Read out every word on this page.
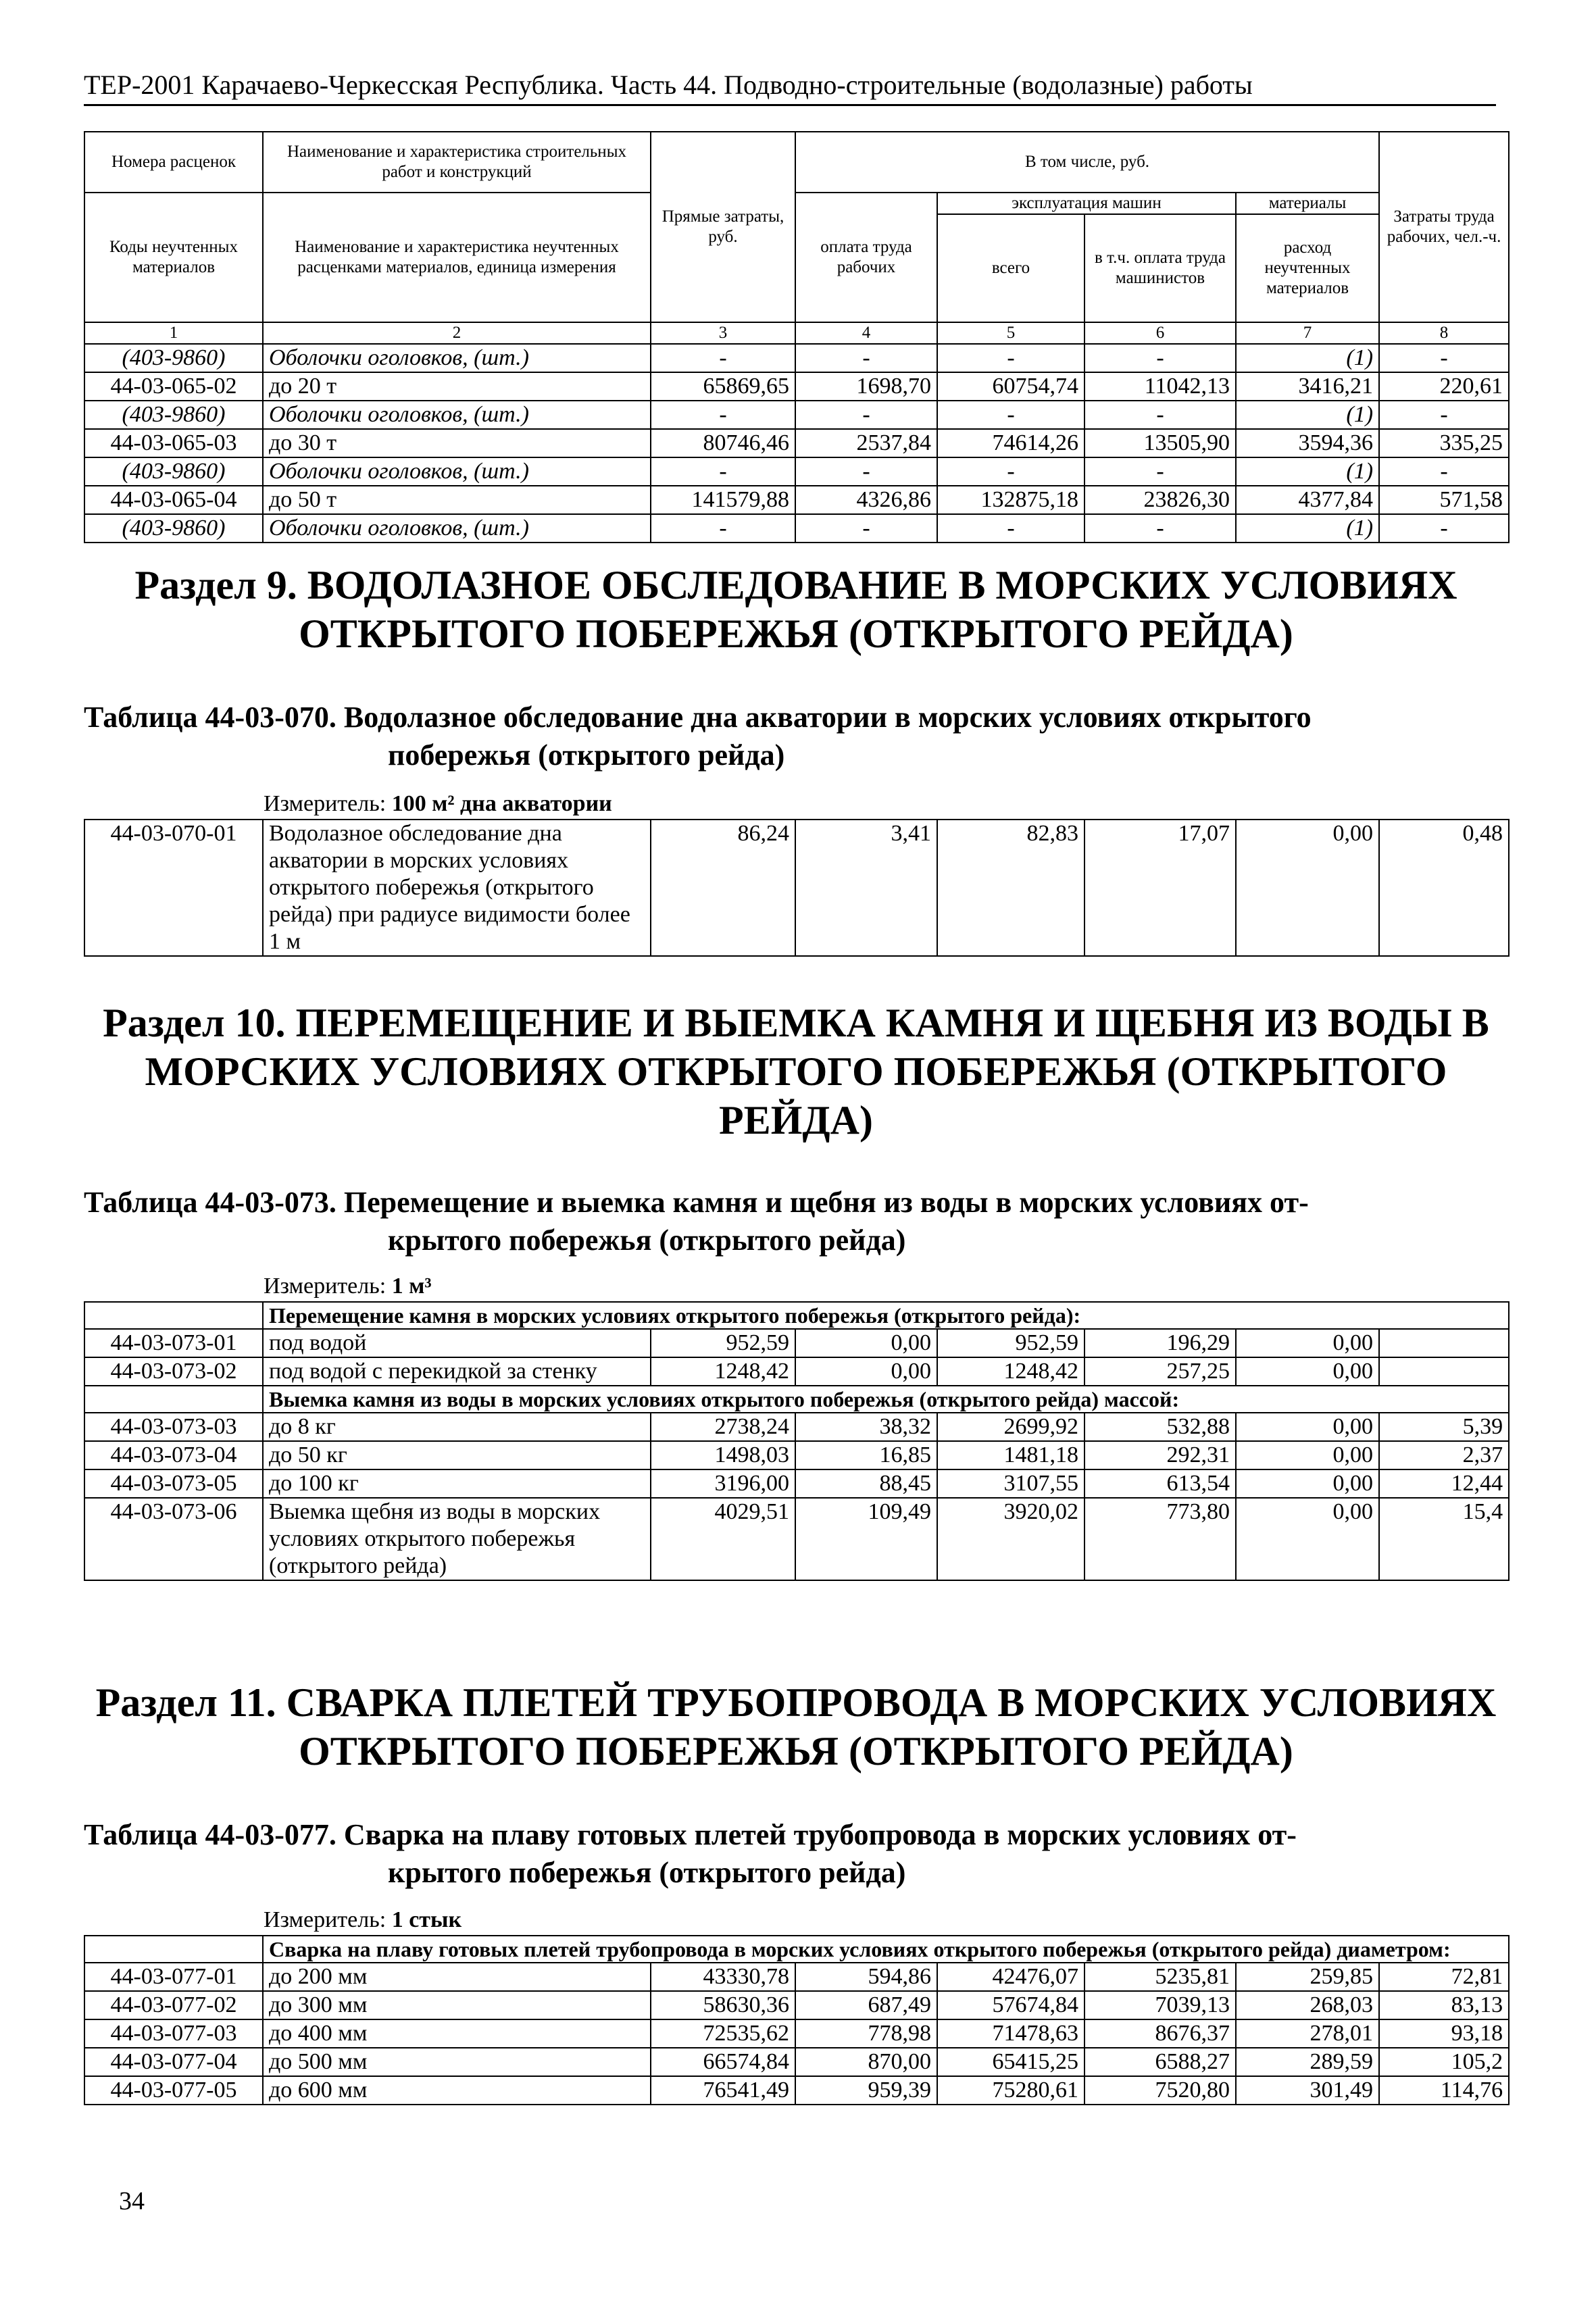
ТЕР-2001 Карачаево-Черкесская Республика. Часть 44. Подводно-строительные (водолазные) работы
Номера расценок	Наименование и характеристика строительных работ и конструкций	Прямые затраты, руб.	В том числе, руб.				Затраты труда рабочих, чел.-ч.
Коды неучтенных материалов	Наименование и характеристика неучтенных расценками материалов, единица измерения		оплата труда рабочих	эксплуатация машин		материалы	
				всего	в т.ч. оплата труда машинистов	расход неучтенных материалов	
1	2	3	4	5	6	7	8
(403-9860)	Оболочки оголовков, (шт.)	-	-	-	-	(1)	-
44-03-065-02	до 20 т	65869,65	1698,70	60754,74	11042,13	3416,21	220,61
(403-9860)	Оболочки оголовков, (шт.)	-	-	-	-	(1)	-
44-03-065-03	до 30 т	80746,46	2537,84	74614,26	13505,90	3594,36	335,25
(403-9860)	Оболочки оголовков, (шт.)	-	-	-	-	(1)	-
44-03-065-04	до 50 т	141579,88	4326,86	132875,18	23826,30	4377,84	571,58
(403-9860)	Оболочки оголовков, (шт.)	-	-	-	-	(1)	-
Раздел 9. ВОДОЛАЗНОЕ ОБСЛЕДОВАНИЕ В МОРСКИХ УСЛОВИЯХ ОТКРЫТОГО ПОБЕРЕЖЬЯ (ОТКРЫТОГО РЕЙДА)
Таблица 44-03-070. Водолазное обследование дна акватории в морских условиях открытого
побережья (открытого рейда)
Измеритель: 100 м² дна акватории
44-03-070-01	Водолазное обследование дна акватории в морских условиях открытого побережья (открытого рейда) при радиусе видимости более 1 м	86,24	3,41	82,83	17,07	0,00	0,48
Раздел 10. ПЕРЕМЕЩЕНИЕ И ВЫЕМКА КАМНЯ И ЩЕБНЯ ИЗ ВОДЫ В МОРСКИХ УСЛОВИЯХ ОТКРЫТОГО ПОБЕРЕЖЬЯ (ОТКРЫТОГО РЕЙДА)
Таблица 44-03-073. Перемещение и выемка камня и щебня из воды в морских условиях от-
крытого побережья (открытого рейда)
Измеритель: 1 м³
	Перемещение камня в морских условиях открытого побережья (открытого рейда):						
44-03-073-01	под водой	952,59	0,00	952,59	196,29	0,00	
44-03-073-02	под водой с перекидкой за стенку	1248,42	0,00	1248,42	257,25	0,00	
	Выемка камня из воды в морских условиях открытого побережья (открытого рейда) массой:						
44-03-073-03	до 8 кг	2738,24	38,32	2699,92	532,88	0,00	5,39
44-03-073-04	до 50 кг	1498,03	16,85	1481,18	292,31	0,00	2,37
44-03-073-05	до 100 кг	3196,00	88,45	3107,55	613,54	0,00	12,44
44-03-073-06	Выемка щебня из воды в морских условиях открытого побережья (открытого рейда)	4029,51	109,49	3920,02	773,80	0,00	15,4
Раздел 11. СВАРКА ПЛЕТЕЙ ТРУБОПРОВОДА В МОРСКИХ УСЛОВИЯХ ОТКРЫТОГО ПОБЕРЕЖЬЯ (ОТКРЫТОГО РЕЙДА)
Таблица 44-03-077. Сварка на плаву готовых плетей трубопровода в морских условиях от-
крытого побережья (открытого рейда)
Измеритель: 1 стык
	Сварка на плаву готовых плетей трубопровода в морских условиях открытого побережья (открытого рейда) диаметром:						
44-03-077-01	до 200 мм	43330,78	594,86	42476,07	5235,81	259,85	72,81
44-03-077-02	до 300 мм	58630,36	687,49	57674,84	7039,13	268,03	83,13
44-03-077-03	до 400 мм	72535,62	778,98	71478,63	8676,37	278,01	93,18
44-03-077-04	до 500 мм	66574,84	870,00	65415,25	6588,27	289,59	105,2
44-03-077-05	до 600 мм	76541,49	959,39	75280,61	7520,80	301,49	114,76
34
